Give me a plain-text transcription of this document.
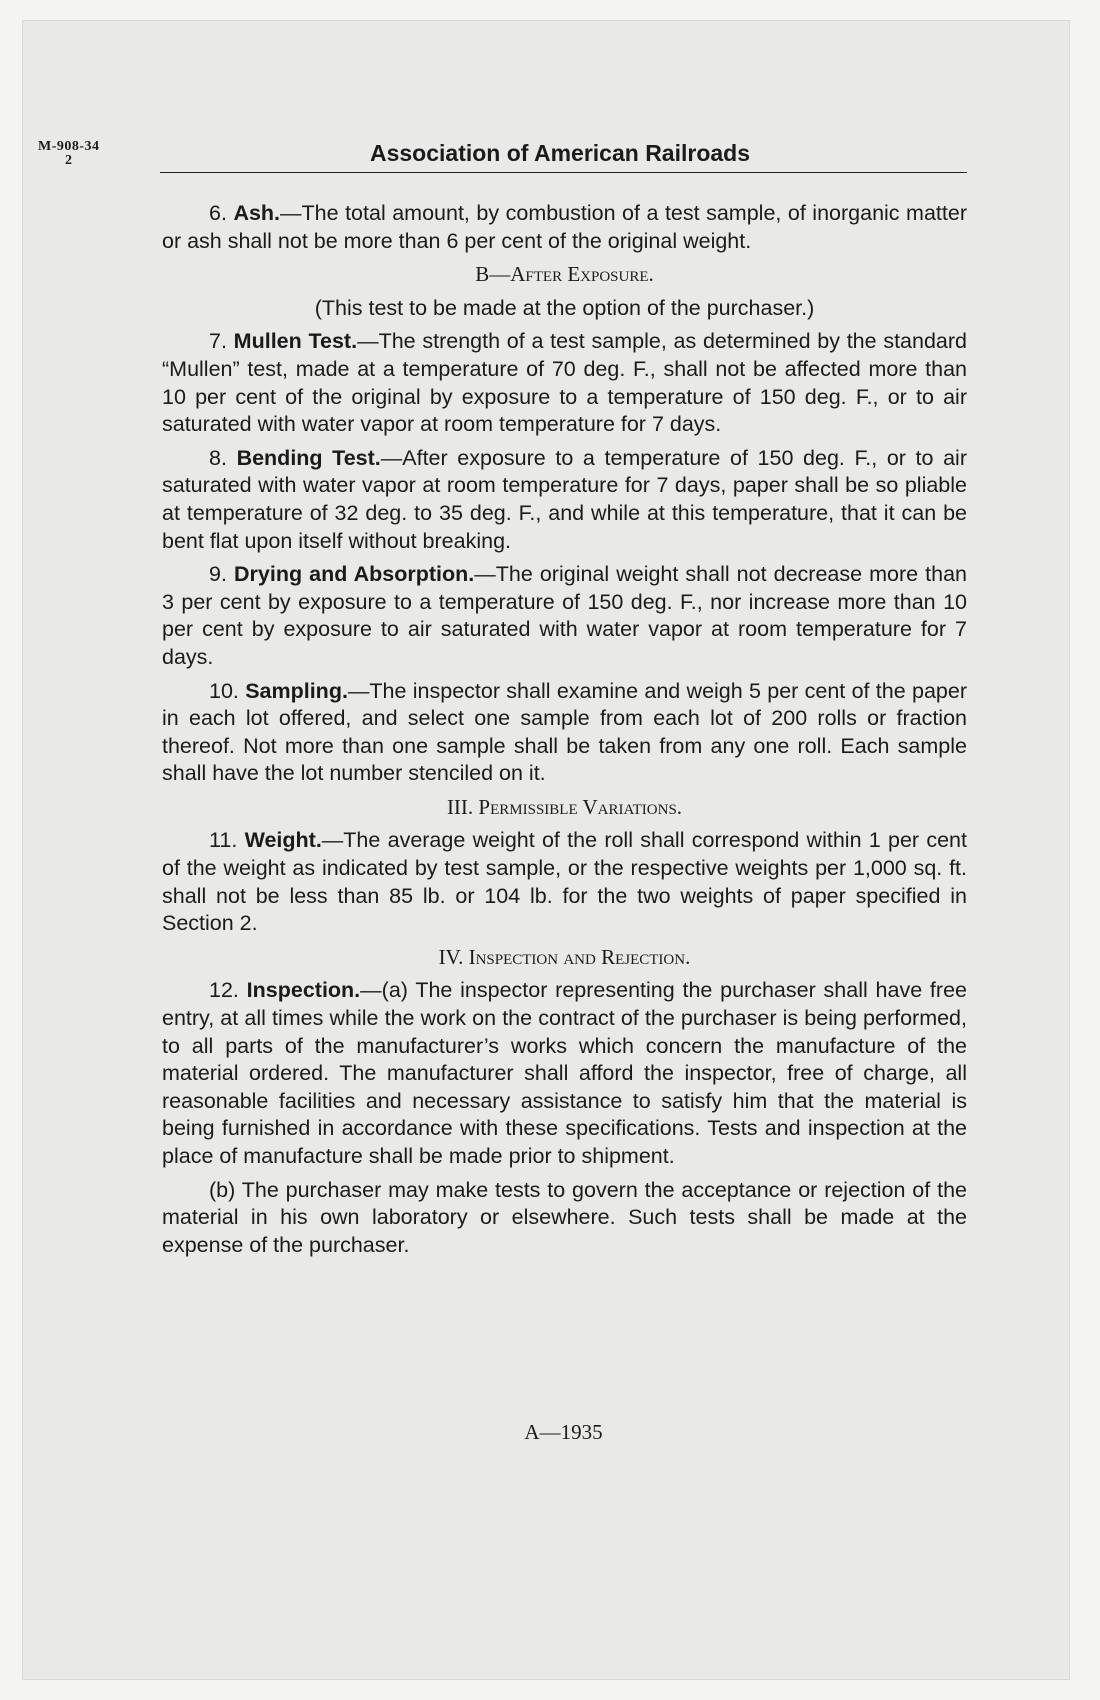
M-908-34
2	Association of American Railroads

6. Ash.—The total amount, by combustion of a test sample, of inorganic matter or ash shall not be more than 6 per cent of the original weight.

B—After Exposure.
(This test to be made at the option of the purchaser.)

7. Mullen Test.—The strength of a test sample, as determined by the standard “Mullen” test, made at a temperature of 70 deg. F., shall not be affected more than 10 per cent of the original by exposure to a temperature of 150 deg. F., or to air saturated with water vapor at room temperature for 7 days.

8. Bending Test.—After exposure to a temperature of 150 deg. F., or to air saturated with water vapor at room temperature for 7 days, paper shall be so pliable at temperature of 32 deg. to 35 deg. F., and while at this temperature, that it can be bent flat upon itself without breaking.

9. Drying and Absorption.—The original weight shall not decrease more than 3 per cent by exposure to a temperature of 150 deg. F., nor increase more than 10 per cent by exposure to air saturated with water vapor at room temperature for 7 days.

10. Sampling.—The inspector shall examine and weigh 5 per cent of the paper in each lot offered, and select one sample from each lot of 200 rolls or fraction thereof. Not more than one sample shall be taken from any one roll. Each sample shall have the lot number stenciled on it.

III. Permissible Variations.

11. Weight.—The average weight of the roll shall correspond within 1 per cent of the weight as indicated by test sample, or the respective weights per 1,000 sq. ft. shall not be less than 85 lb. or 104 lb. for the two weights of paper specified in Section 2.

IV. Inspection and Rejection.

12. Inspection.—(a) The inspector representing the purchaser shall have free entry, at all times while the work on the contract of the purchaser is being performed, to all parts of the manufacturer’s works which concern the manufacture of the material ordered. The manufacturer shall afford the inspector, free of charge, all reasonable facilities and necessary assistance to satisfy him that the material is being furnished in accordance with these specifications. Tests and inspection at the place of manufacture shall be made prior to shipment.

(b) The purchaser may make tests to govern the acceptance or rejection of the material in his own laboratory or elsewhere. Such tests shall be made at the expense of the purchaser.

A—1935
